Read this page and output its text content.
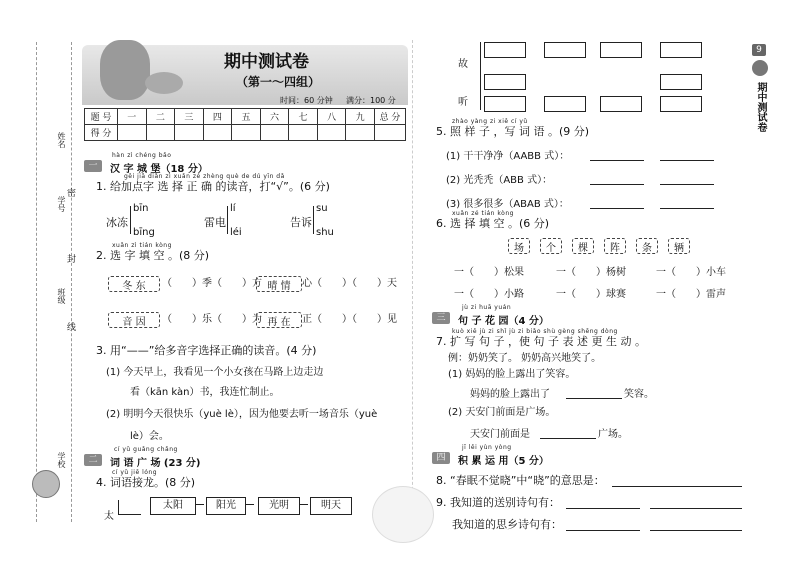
姓名
学号
密
封
班级
线
学校
期中测试卷
（第一～四组）
时间：60 分钟 满分：100 分
题 号	一	二	三	四	五	六	七	八	九	总 分
得 分										
一
hàn zì chéng bǎo
汉 字 城 堡（18 分）
gěi jiā diǎn zì xuǎn zé zhèng què de dú yīn dǎ
1. 给加点字 选 择 正 确 的读音，打“√”。(6 分)
冰冻
bīn
bīng
雷电
lí
léi
告诉
su
shu
xuǎn zì tián kòng
2. 选 字 填 空 。(8 分)
冬 东	（　　）季（　　）方 晴 情	心（　　）（　　）天
音 因	（　　）乐（　　）为 再 在	正（　　）（　　）见
3. 用“——”给多音字选择正确的读音。(4 分)
(1) 今天早上，我看见一个小女孩在马路上边走边
看（kān kàn）书，我连忙制止。
(2) 明明今天很快乐（yuè lè），因为他要去听一场音乐（yuè
lè）会。
二
cí yǔ guǎng chǎng
词 语 广 场 (23 分)
cí yǔ jiē lóng
4. 词语接龙。(8 分)
太
太阳	阳光	光明	明天
9
期中测试卷
故
听
zhào yàng zi xiě cí yǔ
5. 照 样 子 ，写 词 语 。(9 分)
(1) 干干净净（AABB 式）：
(2) 光秃秃（ABB 式）：
(3) 很多很多（ABAB 式）：
xuǎn zé tián kòng
6. 选 择 填 空 。(6 分)
场	个	棵	阵	条	辆
一（　　）松果	一（　　）杨树	一（　　）小车
一（　　）小路	一（　　）球赛	一（　　）雷声
三
jù zi huā yuán
句 子 花 园（4 分）
kuò xiě jù zi shǐ jù zi biǎo shù gèng shēng dòng
7. 扩 写 句 子 ，使 句 子 表 述 更 生 动 。
例：奶奶笑了。 奶奶高兴地笑了。
(1) 妈妈的脸上露出了笑容。
妈妈的脸上露出了	笑容。
(2) 天安门前面是广场。
天安门前面是	广场。
四
jī lěi yùn yòng
积 累 运 用（5 分）
8. “春眠不觉晓”中“晓”的意思是：
9. 我知道的送别诗句有：
我知道的思乡诗句有：
